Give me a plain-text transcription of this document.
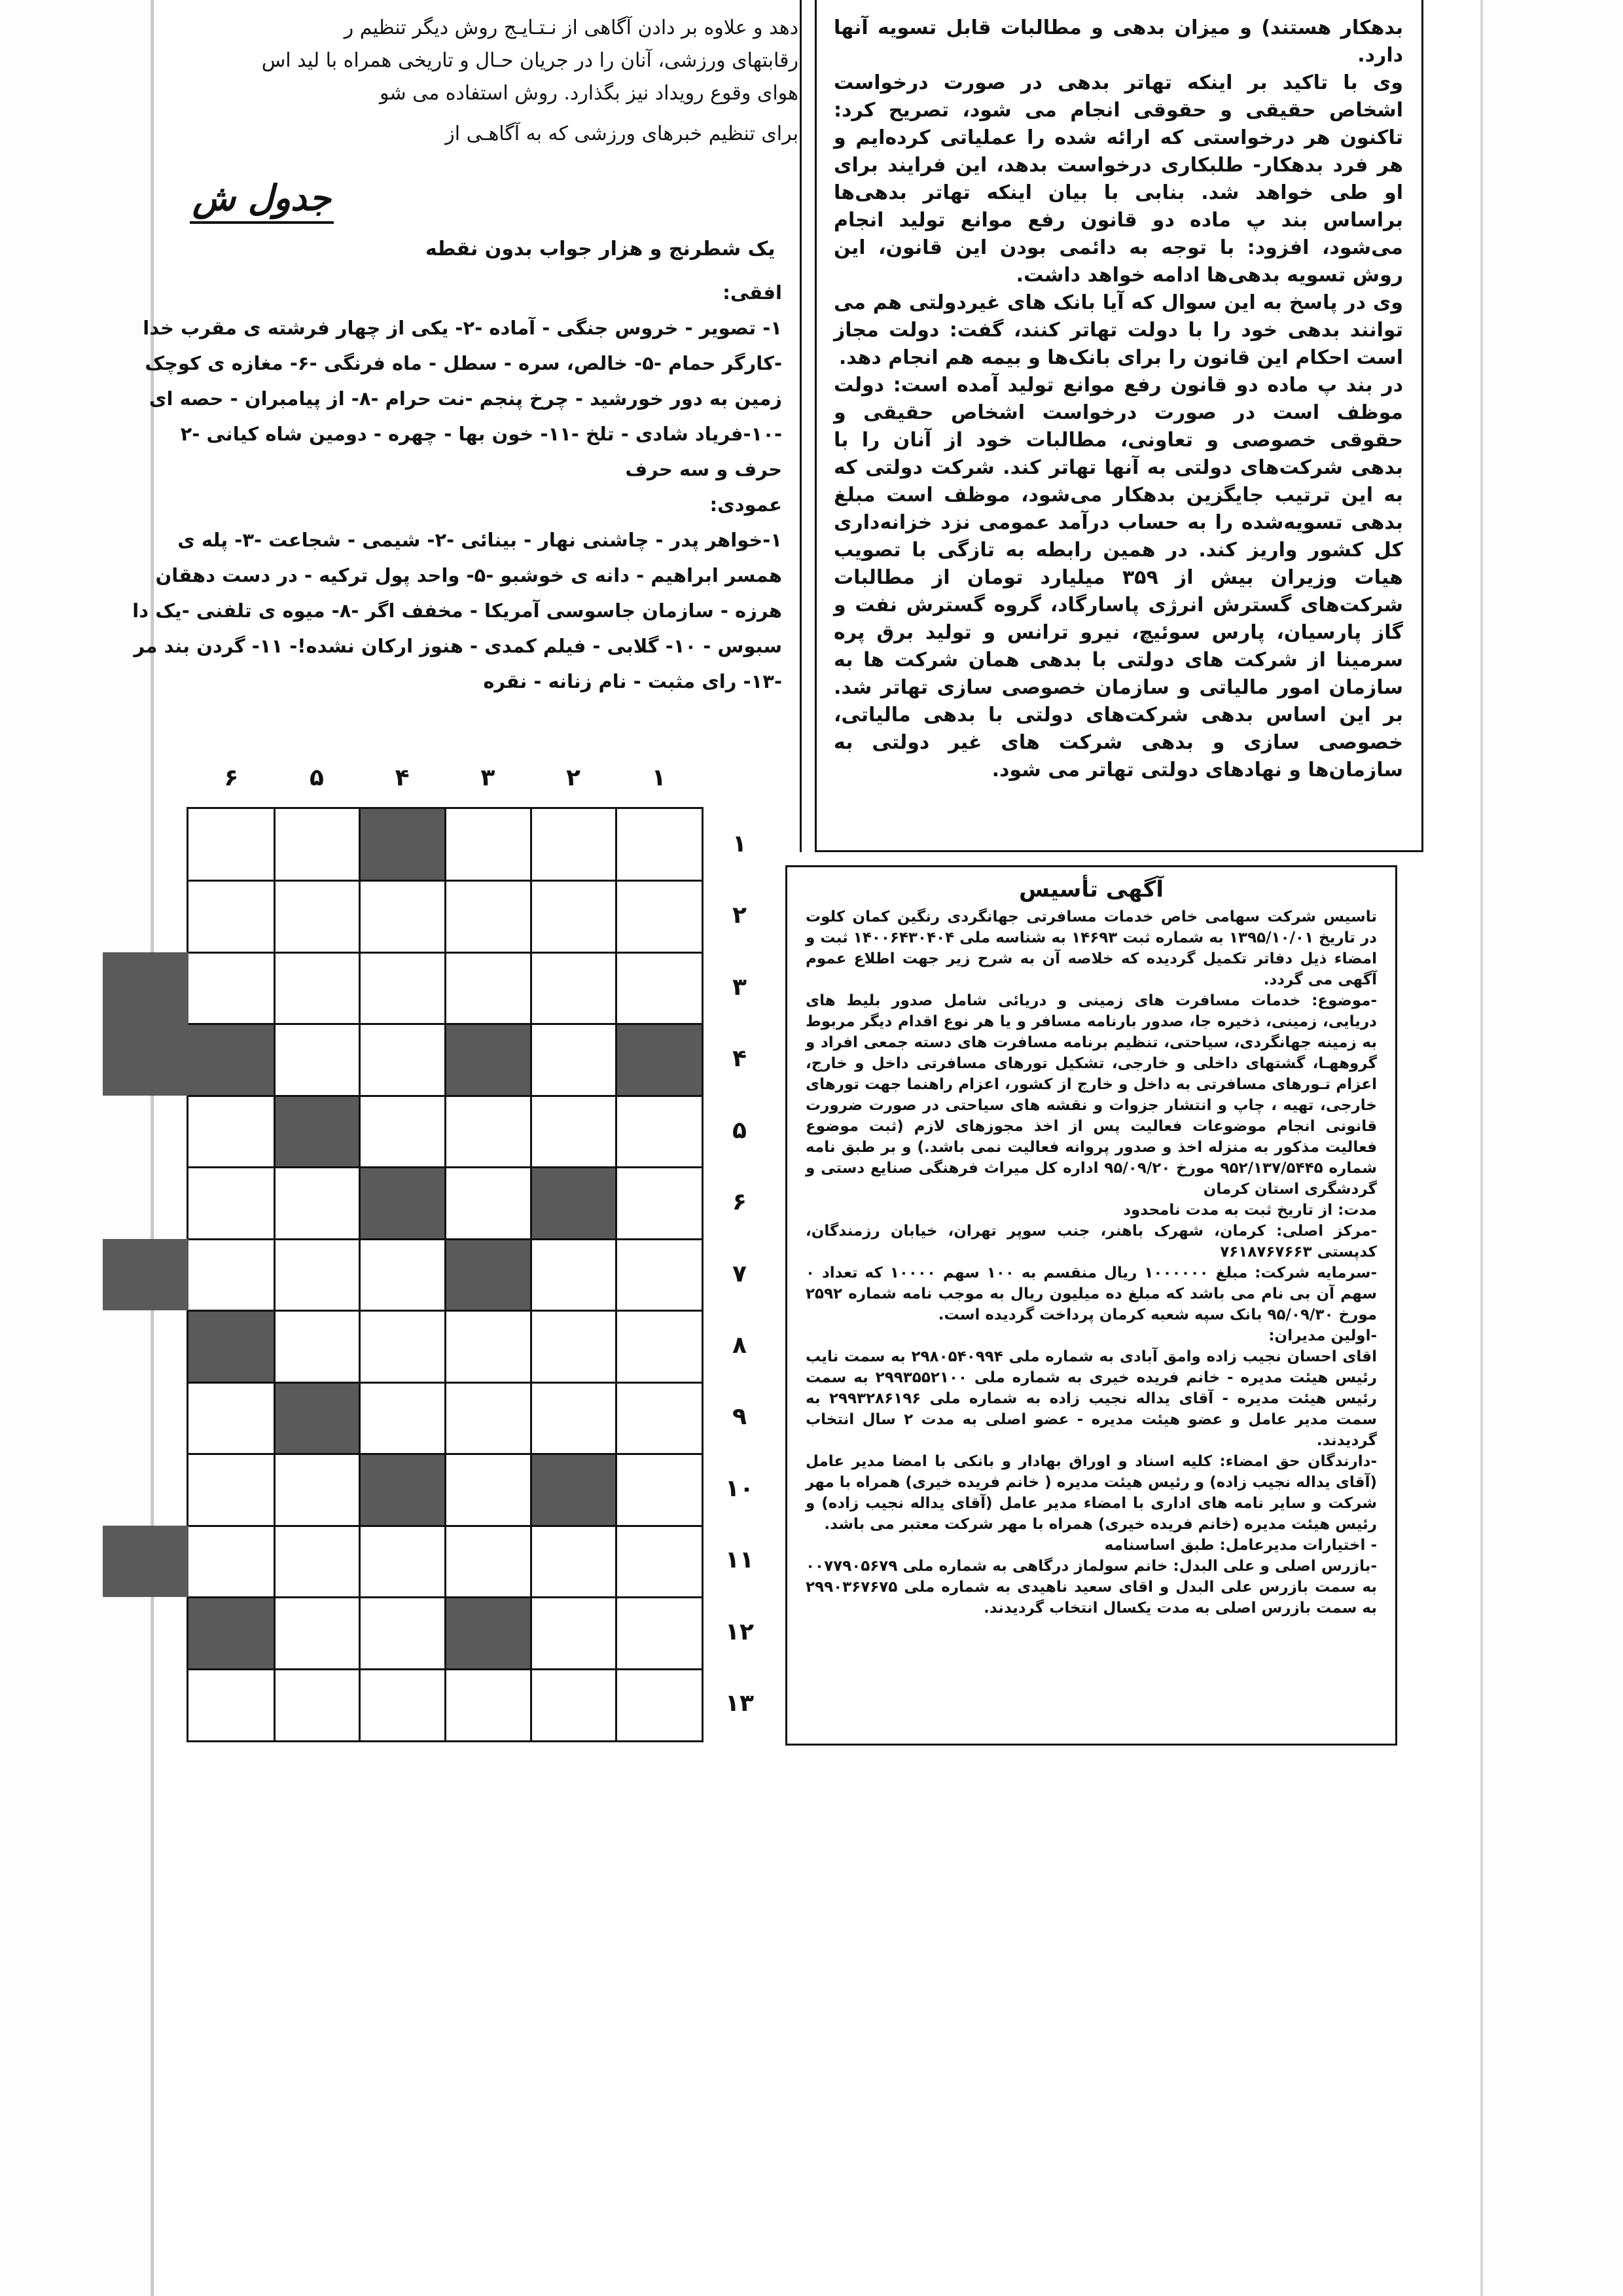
دهد و علاوه بر دادن آگاهی از نـتـایـج روش دیگر تنظیم ر
رقابتهای ورزشی، آنان را در جریان حـال و تاریخی همراه با لید اس
هوای وقوع رویداد نیز بگذارد. روش استفاده می شو
برای تنظیم خبرهای ورزشی که به آگاهـی از
جدول ش
یک شطرنج و هزار جواب بدون نقطه
افقی:
۱- تصویر - خروس جنگی - آماده -۲- یکی از چهار فرشته ی مقرب خدا
-کارگر حمام -۵- خالص، سره - سطل - ماه فرنگی -۶- مغازه ی کوچک
زمین به دور خورشید - چرخ پنجم -نت حرام -۸- از پیامبران - حصه ای
-۱۰-فریاد شادی - تلخ -۱۱- خون بها - چهره - دومین شاه کیانی -۲
حرف و سه حرف
عمودی:
۱-خواهر پدر - چاشنی نهار - بینائی -۲- شیمی - شجاعت -۳- پله ی
همسر ابراهیم - دانه ی خوشبو -۵- واحد پول ترکیه - در دست دهقان
هرزه - سازمان جاسوسی آمریکا - مخفف اگر -۸- میوه ی تلفنی -یک دا
سبوس - ۱۰- گلابی - فیلم کمدی - هنوز ارکان نشده!- ۱۱- گردن بند مر
-۱۳- رای مثبت - نام زنانه - نقره
۱
۲
۳
۴
۵
۶
۱
۲
۳
۴
۵
۶
۷
۸
۹
۱۰
۱۱
۱۲
۱۳

بدهکار هستند) و میزان بدهی و مطالبات قابل تسویه آنها دارد.

وی با تاکید بر اینکه تهاتر بدهی در صورت درخواست اشخاص حقیقی و حقوقی انجام می شود، تصریح کرد: تاکنون هر درخواستی که ارائه شده را عملیاتی کرده‌ایم و هر فرد بدهکار- طلبکاری درخواست بدهد، این فرایند برای او طی خواهد شد. بنابی با بیان اینکه تهاتر بدهی‌ها براساس بند پ ماده دو قانون رفع موانع تولید انجام می‌شود، افزود: با توجه به دائمی بودن این قانون، این روش تسویه بدهی‌ها ادامه خواهد داشت.

وی در پاسخ به این سوال که آیا بانک های غیردولتی هم می توانند بدهی خود را با دولت تهاتر کنند، گفت: دولت مجاز است احکام این قانون را برای بانک‌ها و بیمه هم انجام دهد.

در بند پ ماده دو قانون رفع موانع تولید آمده است: دولت موظف است در صورت درخواست اشخاص حقیقی و حقوقی خصوصی و تعاونی، مطالبات خود از آنان را با بدهی شرکت‌های دولتی به آنها تهاتر کند. شرکت دولتی که به این ترتیب جایگزین بدهکار می‌شود، موظف است مبلغ بدهی تسویه‌شده را به حساب درآمد عمومی نزد خزانه‌داری کل کشور واریز کند. در همین رابطه به تازگی با تصویب هیات وزیران بیش از ۳۵۹ میلیارد تومان از مطالبات شرکت‌های گسترش انرژی پاسارگاد، گروه گسترش نفت و گاز پارسیان، پارس سوئیچ، نیرو ترانس و تولید برق پره سرمینا از شرکت های دولتی با بدهی همان شرکت ها به سازمان امور مالیاتی و سازمان خصوصی سازی تهاتر شد. بر این اساس بدهی شرکت‌های دولتی با بدهی مالیاتی، خصوصی سازی و بدهی شرکت های غیر دولتی به سازمان‌ها و نهادهای دولتی تهاتر می شود.

آگهی تأسیس

تاسیس شرکت سهامی خاص خدمات مسافرتی جهانگردی رنگین کمان کلوت در تاریخ ۱۳۹۵/۱۰/۰۱ به شماره ثبت ۱۴۶۹۳ به شناسه ملی ۱۴۰۰۶۴۳۰۴۰۴ ثبت و امضاء ذیل دفاتر تکمیل گردیده که خلاصه آن به شرح زیر جهت اطلاع عموم آگهی می گردد.

-موضوع: خدمات مسافرت های زمینی و دریائی شامل صدور بلیط های دریایی، زمینی، ذخیره جا، صدور بارنامه مسافر و یا هر نوع اقدام دیگر مربوط به زمینه جهانگردی، سیاحتی، تنظیم برنامه مسافرت های دسته جمعی افراد و گروههـا، گشتهای داخلی و خارجی، تشکیل تورهای مسافرتی داخل و خارج، اعزام تـورهای مسافرتی به داخل و خارج از کشور، اعزام راهنما جهت تورهای خارجی، تهیه ، چاپ و انتشار جزوات و نقشه های سیاحتی در صورت ضرورت قانونی انجام موضوعات فعالیت پس از اخذ مجوزهای لازم (ثبت موضوع فعالیت مذکور به منزله اخذ و صدور پروانه فعالیت نمی باشد.) و بر طبق نامه شماره ۹۵۲/۱۳۷/۵۴۴۵ مورخ ۹۵/۰۹/۲۰ اداره کل میراث فرهنگی صنایع دستی و گردشگری استان کرمان

مدت: از تاریخ ثبت به مدت نامحدود

-مرکز اصلی: کرمان، شهرک باهنر، جنب سوپر تهران، خیابان رزمندگان، کدپستی ۷۶۱۸۷۶۷۶۶۳

-سرمایه شرکت: مبلغ ۱۰۰۰۰۰۰ ریال منقسم به ۱۰۰ سهم ۱۰۰۰۰ که تعداد ۰ سهم آن بی نام می باشد که مبلغ ده میلیون ریال به موجب نامه شماره ۲۵۹۲ مورخ ۹۵/۰۹/۳۰ بانک سپه شعبه کرمان پرداخت گردیده است.

-اولین مدیران:

اقای احسان نجیب زاده وامق آبادی به شماره ملی ۲۹۸۰۵۴۰۹۹۴ به سمت نایب رئیس هیئت مدیره - خانم فریده خیری به شماره ملی ۲۹۹۳۵۵۲۱۰۰ به سمت رئیس هیئت مدیره - آقای یداله نجیب زاده به شماره ملی ۲۹۹۳۲۸۶۱۹۶ به سمت مدیر عامل و عضو هیئت مدیره - عضو اصلی به مدت ۲ سال انتخاب گردیدند.

-دارندگان حق امضاء: کلیه اسناد و اوراق بهادار و بانکی با امضا مدیر عامل (آقای یداله نجیب زاده) و رئیس هیئت مدیره ( خانم فریده خیری) همراه با مهر شرکت و سایر نامه های اداری با امضاء مدیر عامل (آقای یداله نجیب زاده) و رئیس هیئت مدیره (خانم فریده خیری) همراه با مهر شرکت معتبر می باشد.

- اختیارات مدیرعامل: طبق اساسنامه

-بازرس اصلی و علی البدل: خانم سولماز درگاهی به شماره ملی ۰۰۷۷۹۰۵۶۷۹ به سمت بازرس علی البدل و اقای سعید ناهیدی به شماره ملی ۲۹۹۰۳۶۷۶۷۵ به سمت بازرس اصلی به مدت یکسال انتخاب گردیدند.
